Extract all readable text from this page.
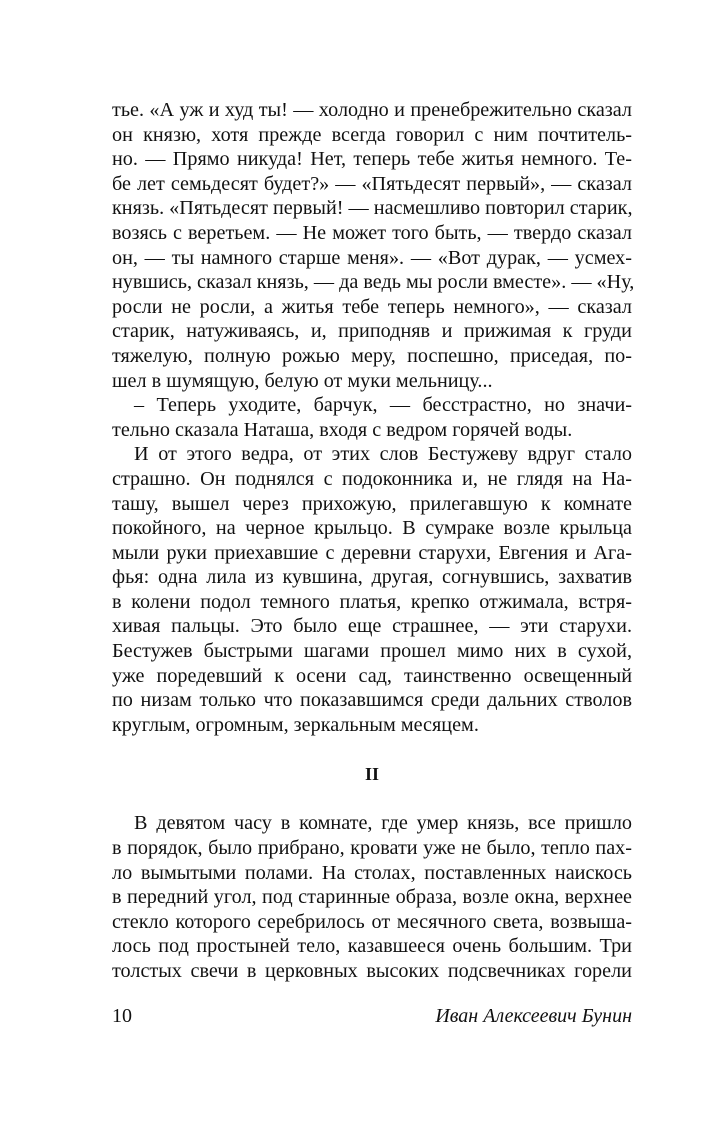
тье. «А уж и худ ты! — холодно и пренебрежительно сказал
он князю, хотя прежде всегда говорил с ним почтитель-
но. — Прямо никуда! Нет, теперь тебе житья немного. Те-
бе лет семьдесят будет?» — «Пятьдесят первый», — сказал
князь. «Пятьдесят первый! — насмешливо повторил старик,
возясь с веретьем. — Не может того быть, — твердо сказал
он, — ты намного старше меня». — «Вот дурак, — усмех-
нувшись, сказал князь, — да ведь мы росли вместе». — «Ну,
росли не росли, а житья тебе теперь немного», — сказал
старик, натуживаясь, и, приподняв и прижимая к груди
тяжелую, полную рожью меру, поспешно, приседая, по-
шел в шумящую, белую от муки мельницу...
– Теперь уходите, барчук, — бесстрастно, но значи-
тельно сказала Наташа, входя с ведром горячей воды.
И от этого ведра, от этих слов Бестужеву вдруг стало
страшно. Он поднялся с подоконника и, не глядя на На-
ташу, вышел через прихожую, прилегавшую к комнате
покойного, на черное крыльцо. В сумраке возле крыльца
мыли руки приехавшие с деревни старухи, Евгения и Ага-
фья: одна лила из кувшина, другая, согнувшись, захватив
в колени подол темного платья, крепко отжимала, встря-
хивая пальцы. Это было еще страшнее, — эти старухи.
Бестужев быстрыми шагами прошел мимо них в сухой,
уже поредевший к осени сад, таинственно освещенный
по низам только что показавшимся среди дальних стволов
круглым, огромным, зеркальным месяцем.
II
В девятом часу в комнате, где умер князь, все пришло
в порядок, было прибрано, кровати уже не было, тепло пах-
ло вымытыми полами. На столах, поставленных наискось
в передний угол, под старинные образа, возле окна, верхнее
стекло которого серебрилось от месячного света, возвыша-
лось под простыней тело, казавшееся очень большим. Три
толстых свечи в церковных высоких подсвечниках горели
10	Иван Алексеевич Бунин
